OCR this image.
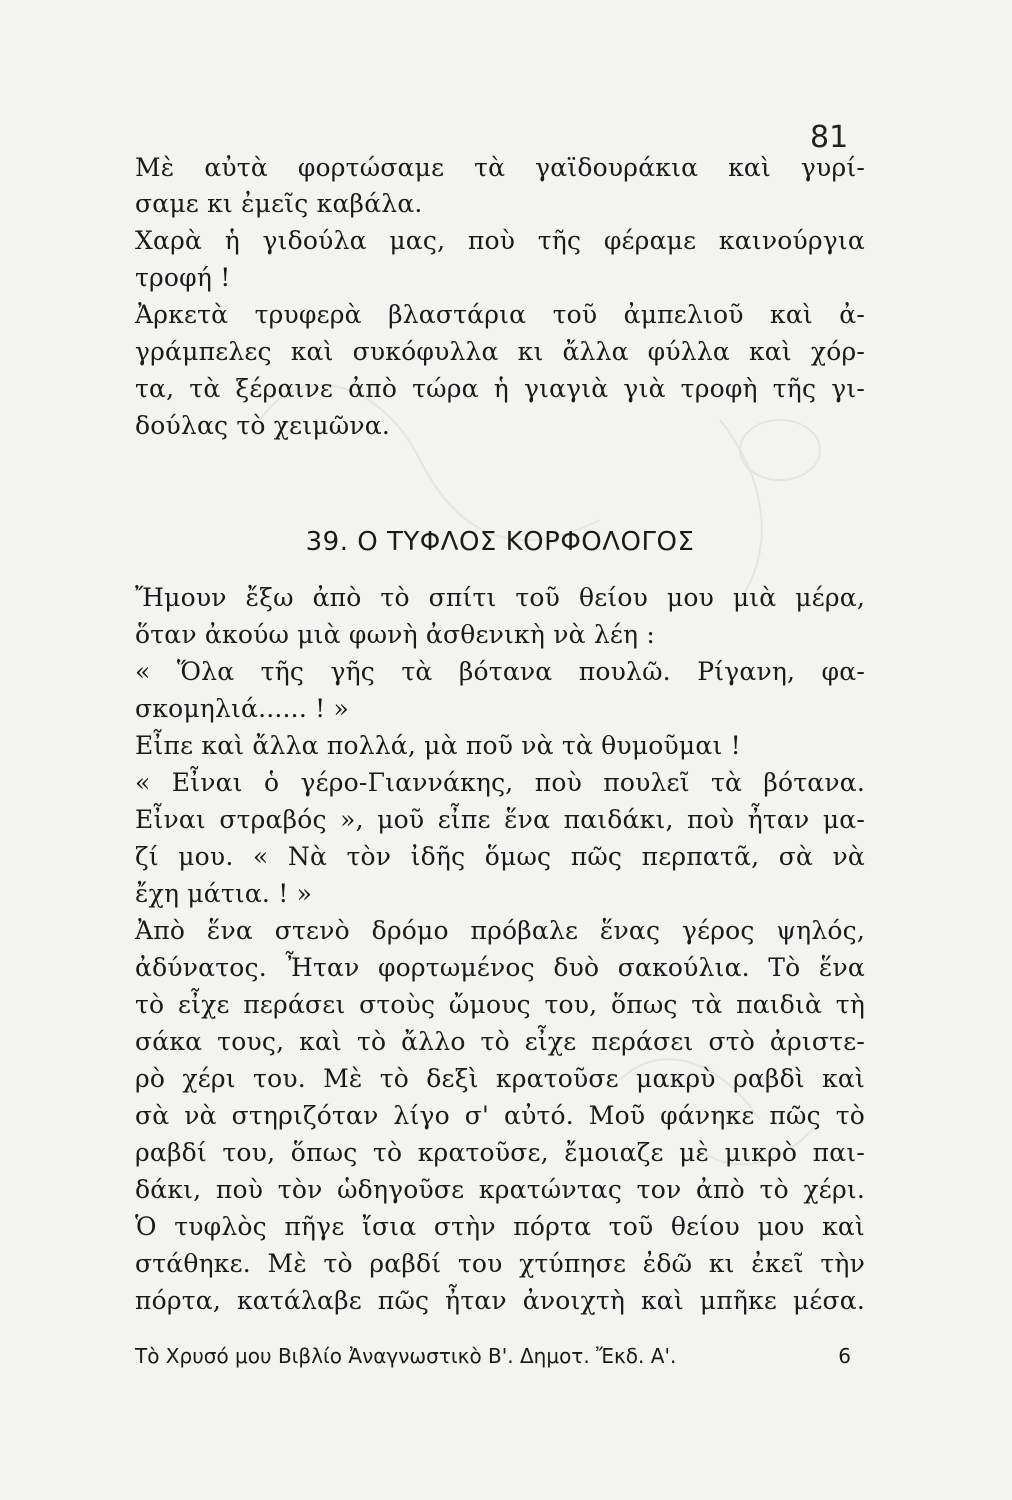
81
Μὲ αὐτὰ φορτώσαμε τὰ γαϊδουράκια καὶ γυρί-
σαμε κι ἐμεῖς καβάλα.
Χαρὰ ἡ γιδούλα μας, ποὺ τῆς φέραμε καινούργια
τροφή !
Ἀρκετὰ τρυφερὰ βλαστάρια τοῦ ἀμπελιοῦ καὶ ἀ-
γράμπελες καὶ συκόφυλλα κι ἄλλα φύλλα καὶ χόρ-
τα, τὰ ξέραινε ἀπὸ τώρα ἡ γιαγιὰ γιὰ τροφὴ τῆς γι-
δούλας τὸ χειμῶνα.
39. Ο ΤΥΦΛΟΣ ΚΟΡΦΟΛΟΓΟΣ
Ἤμουν ἔξω ἀπὸ τὸ σπίτι τοῦ θείου μου μιὰ μέρα,
ὅταν ἀκούω μιὰ φωνὴ ἀσθενικὴ νὰ λέη :
« Ὅλα τῆς γῆς τὰ βότανα πουλῶ. Ρίγανη, φα-
σκομηλιά...... ! »
Εἶπε καὶ ἄλλα πολλά, μὰ ποῦ νὰ τὰ θυμοῦμαι !
« Εἶναι ὁ γέρο-Γιαννάκης, ποὺ πουλεῖ τὰ βότανα.
Εἶναι στραβός », μοῦ εἶπε ἕνα παιδάκι, ποὺ ἦταν μα-
ζί μου. « Νὰ τὸν ἰδῆς ὅμως πῶς περπατᾶ, σὰ νὰ
ἔχη μάτια. ! »
Ἀπὸ ἕνα στενὸ δρόμο πρόβαλε ἕνας γέρος ψηλός,
ἀδύνατος. Ἦταν φορτωμένος δυὸ σακούλια. Τὸ ἕνα
τὸ εἶχε περάσει στοὺς ὤμους του, ὅπως τὰ παιδιὰ τὴ
σάκα τους, καὶ τὸ ἄλλο τὸ εἶχε περάσει στὸ ἀριστε-
ρὸ χέρι του. Μὲ τὸ δεξὶ κρατοῦσε μακρὺ ραβδὶ καὶ
σὰ νὰ στηριζόταν λίγο σ' αὐτό. Μοῦ φάνηκε πῶς τὸ
ραβδί του, ὅπως τὸ κρατοῦσε, ἔμοιαζε μὲ μικρὸ παι-
δάκι, ποὺ τὸν ὡδηγοῦσε κρατώντας τον ἀπὸ τὸ χέρι.
Ὁ τυφλὸς πῆγε ἴσια στὴν πόρτα τοῦ θείου μου καὶ
στάθηκε. Μὲ τὸ ραβδί του χτύπησε ἐδῶ κι ἐκεῖ τὴν
πόρτα, κατάλαβε πῶς ἦταν ἀνοιχτὴ καὶ μπῆκε μέσα.
Τὸ Χρυσό μου Βιβλίο Ἀναγνωστικὸ Β'. Δημοτ. Ἔκδ. Α'.	6
